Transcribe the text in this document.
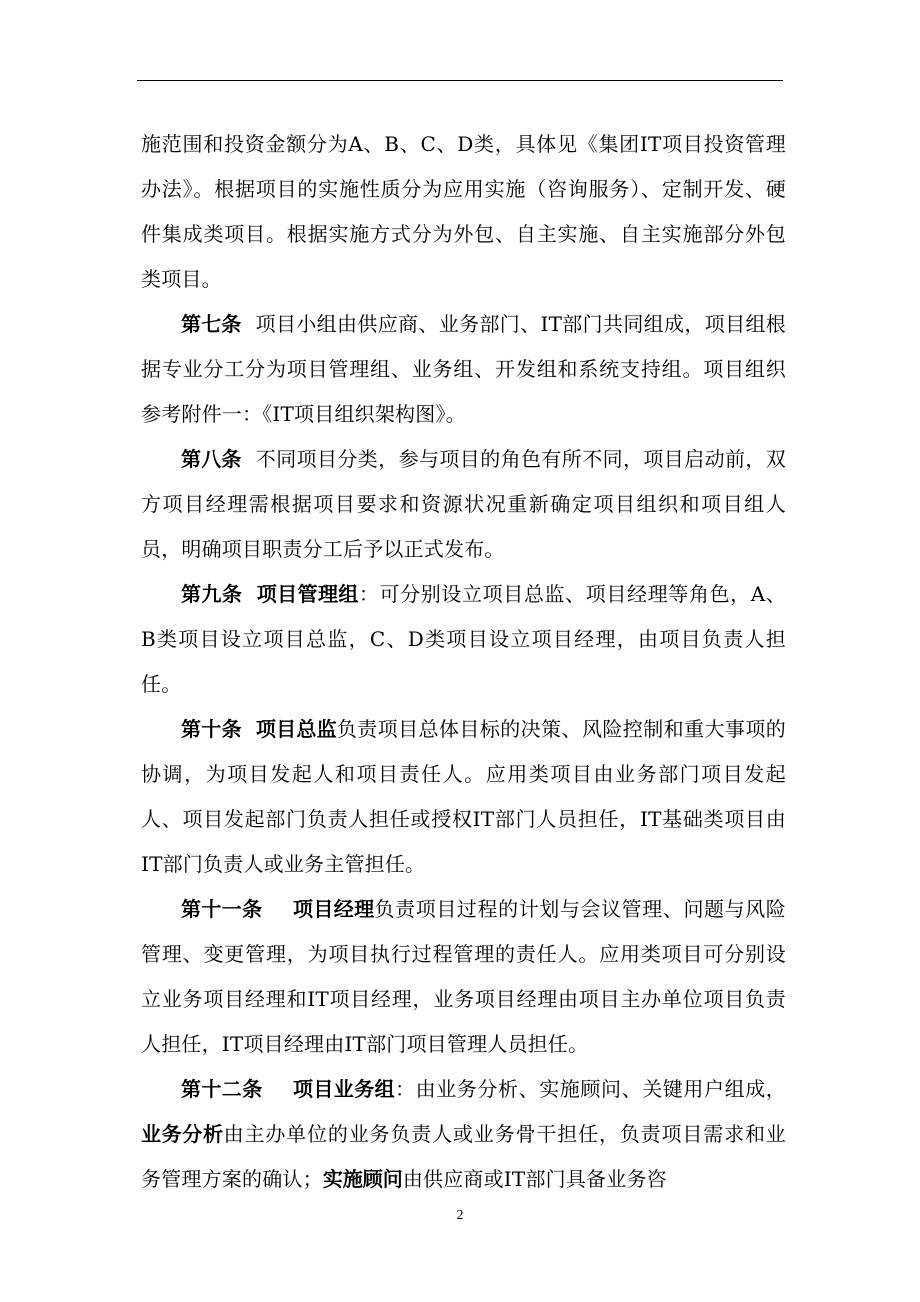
施范围和投资金额分为A、B、C、D类，具体见《集团IT项目投资管理办法》。根据项目的实施性质分为应用实施（咨询服务）、定制开发、硬件集成类项目。根据实施方式分为外包、自主实施、自主实施部分外包类项目。

第七条 项目小组由供应商、业务部门、IT部门共同组成，项目组根据专业分工分为项目管理组、业务组、开发组和系统支持组。项目组织参考附件一：《IT项目组织架构图》。

第八条 不同项目分类，参与项目的角色有所不同，项目启动前，双方项目经理需根据项目要求和资源状况重新确定项目组织和项目组人员，明确项目职责分工后予以正式发布。

第九条 项目管理组：可分别设立项目总监、项目经理等角色，A、B类项目设立项目总监，C、D类项目设立项目经理，由项目负责人担任。

第十条 项目总监负责项目总体目标的决策、风险控制和重大事项的协调，为项目发起人和项目责任人。应用类项目由业务部门项目发起人、项目发起部门负责人担任或授权IT部门人员担任，IT基础类项目由IT部门负责人或业务主管担任。

第十一条 项目经理负责项目过程的计划与会议管理、问题与风险管理、变更管理，为项目执行过程管理的责任人。应用类项目可分别设立业务项目经理和IT项目经理，业务项目经理由项目主办单位项目负责人担任，IT项目经理由IT部门项目管理人员担任。

第十二条 项目业务组：由业务分析、实施顾问、关键用户组成，业务分析由主办单位的业务负责人或业务骨干担任，负责项目需求和业务管理方案的确认；实施顾问由供应商或IT部门具备业务咨

2
